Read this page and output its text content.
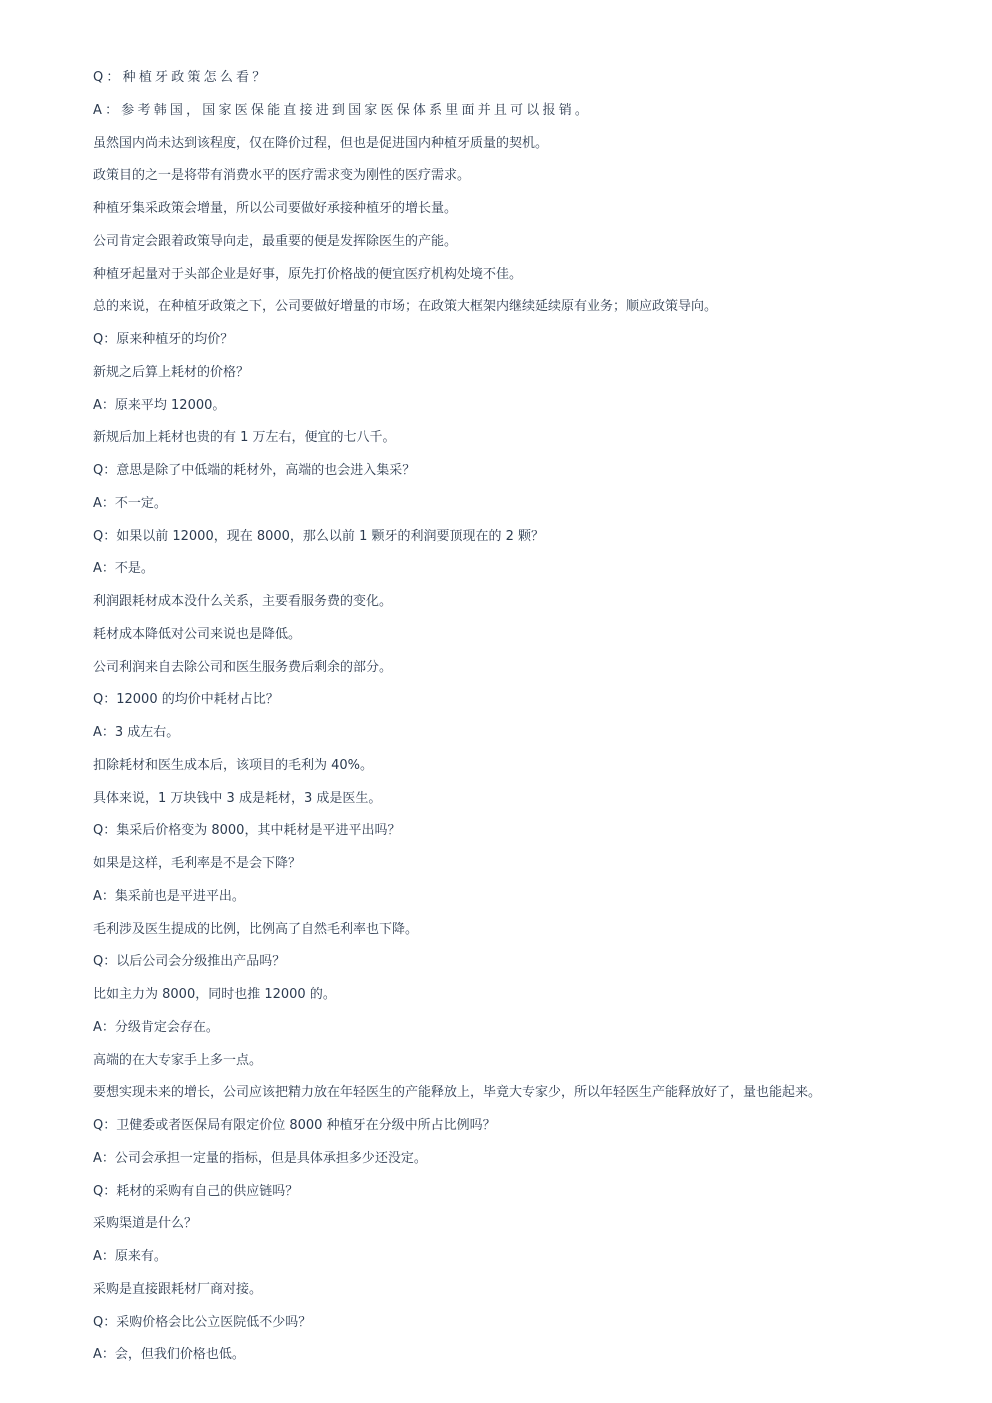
Q：种植牙政策怎么看？
A：参考韩国，国家医保能直接进到国家医保体系里面并且可以报销。
虽然国内尚未达到该程度，仅在降价过程，但也是促进国内种植牙质量的契机。
政策目的之一是将带有消费水平的医疗需求变为刚性的医疗需求。
种植牙集采政策会增量，所以公司要做好承接种植牙的增长量。
公司肯定会跟着政策导向走，最重要的便是发挥除医生的产能。
种植牙起量对于头部企业是好事，原先打价格战的便宜医疗机构处境不佳。
总的来说，在种植牙政策之下，公司要做好增量的市场；在政策大框架内继续延续原有业务；顺应政策导向。
Q：原来种植牙的均价？
新规之后算上耗材的价格？
A：原来平均 12000。
新规后加上耗材也贵的有 1 万左右，便宜的七八千。
Q：意思是除了中低端的耗材外，高端的也会进入集采？
A：不一定。
Q：如果以前 12000，现在 8000，那么以前 1 颗牙的利润要顶现在的 2 颗？
A：不是。
利润跟耗材成本没什么关系，主要看服务费的变化。
耗材成本降低对公司来说也是降低。
公司利润来自去除公司和医生服务费后剩余的部分。
Q：12000 的均价中耗材占比？
A：3 成左右。
扣除耗材和医生成本后，该项目的毛利为 40%。
具体来说，1 万块钱中 3 成是耗材，3 成是医生。
Q：集采后价格变为 8000，其中耗材是平进平出吗？
如果是这样，毛利率是不是会下降？
A：集采前也是平进平出。
毛利涉及医生提成的比例，比例高了自然毛利率也下降。
Q：以后公司会分级推出产品吗？
比如主力为 8000，同时也推 12000 的。
A：分级肯定会存在。
高端的在大专家手上多一点。
要想实现未来的增长，公司应该把精力放在年轻医生的产能释放上，毕竟大专家少，所以年轻医生产能释放好了，量也能起来。
Q：卫健委或者医保局有限定价位 8000 种植牙在分级中所占比例吗？
A：公司会承担一定量的指标，但是具体承担多少还没定。
Q：耗材的采购有自己的供应链吗？
采购渠道是什么？
A：原来有。
采购是直接跟耗材厂商对接。
Q：采购价格会比公立医院低不少吗？
A：会，但我们价格也低。
